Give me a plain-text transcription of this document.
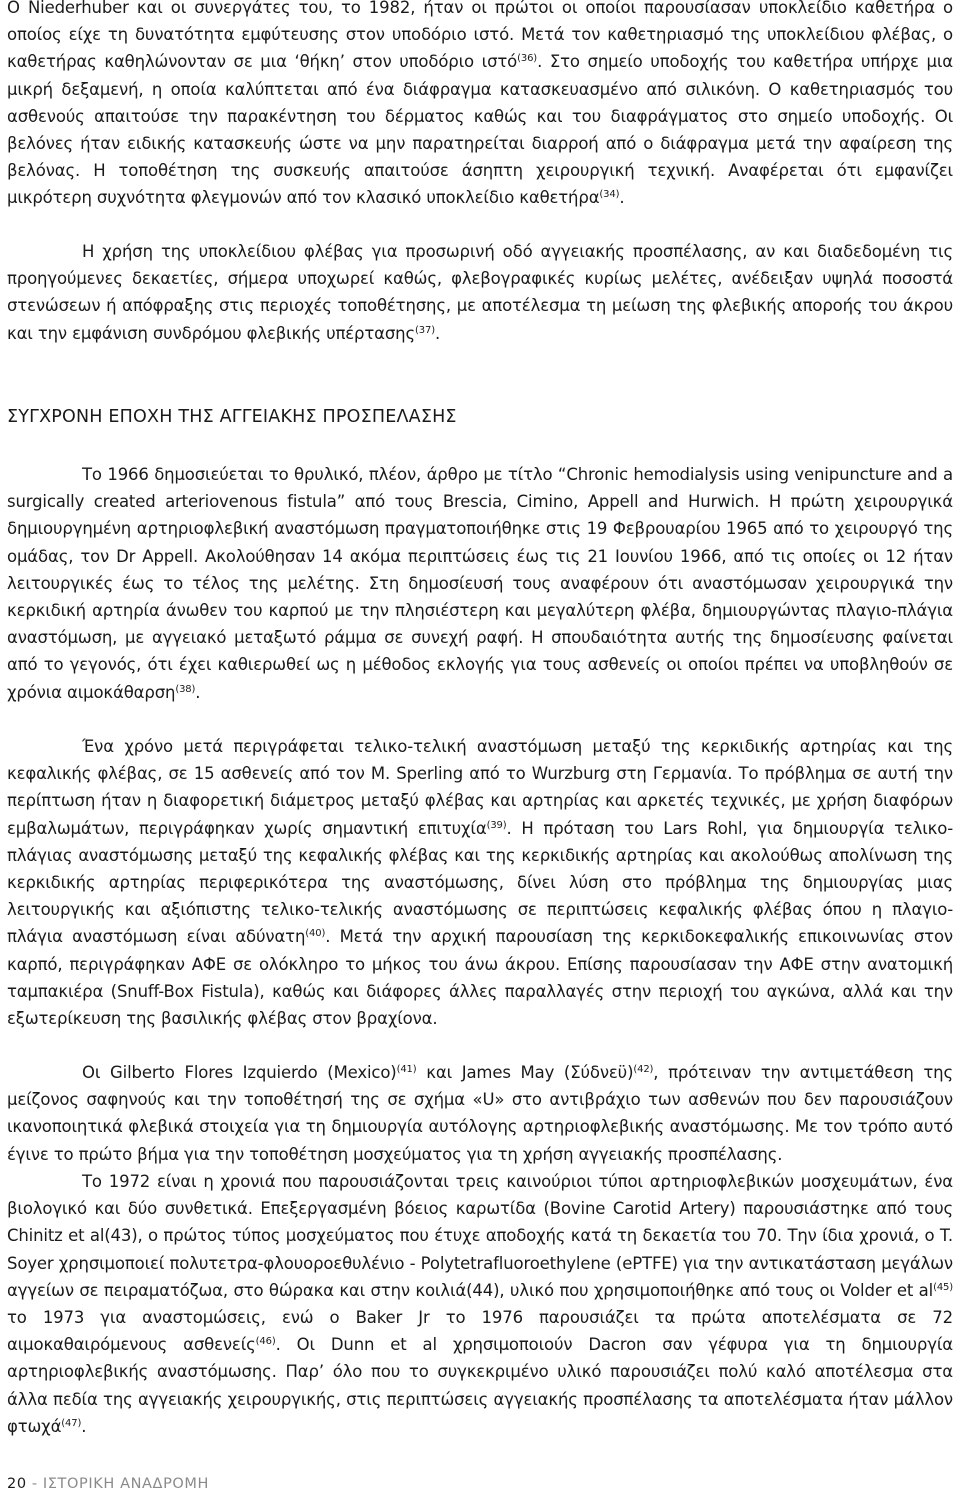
Ο Niederhuber και οι συνεργάτες του, το 1982, ήταν οι πρώτοι οι οποίοι παρουσίασαν υποκλείδιο καθετήρα ο οποίος είχε τη δυνατότητα εμφύτευσης στον υποδόριο ιστό. Μετά τον καθετηριασμό της υποκλείδιου φλέβας, ο καθετήρας καθηλώνονταν σε μια ‘θήκη’ στον υποδόριο ιστό$^{(36)}$. Στο σημείο υποδοχής του καθετήρα υπήρχε μια μικρή δεξαμενή, η οποία καλύπτεται από ένα διάφραγμα κατασκευασμένο από σιλικόνη. Ο καθετηριασμός του ασθενούς απαιτούσε την παρακέντηση του δέρματος καθώς και του διαφράγματος στο σημείο υποδοχής. Οι βελόνες ήταν ειδικής κατασκευής ώστε να μην παρατηρείται διαρροή από ο διάφραγμα μετά την αφαίρεση της βελόνας. Η τοποθέτηση της συσκευής απαιτούσε άσηπτη χειρουργική τεχνική. Αναφέρεται ότι εμφανίζει μικρότερη συχνότητα φλεγμονών από τον κλασικό υποκλείδιο καθετήρα$^{(34)}$.

Η χρήση της υποκλείδιου φλέβας για προσωρινή οδό αγγειακής προσπέλασης, αν και διαδεδομένη τις προηγούμενες δεκαετίες, σήμερα υποχωρεί καθώς, φλεβογραφικές κυρίως μελέτες, ανέδειξαν υψηλά ποσοστά στενώσεων ή απόφραξης στις περιοχές τοποθέτησης, με αποτέλεσμα τη μείωση της φλεβικής αποροής του άκρου και την εμφάνιση συνδρόμου φλεβικής υπέρτασης$^{(37)}$.

ΣΥΓΧΡΟΝΗ ΕΠΟΧΗ ΤΗΣ ΑΓΓΕΙΑΚΗΣ ΠΡΟΣΠΕΛΑΣΗΣ

Το 1966 δημοσιεύεται το θρυλικό, πλέον, άρθρο με τίτλο “Chronic hemodialysis using venipuncture and a surgically created arteriovenous fistula” από τους Brescia, Cimino, Appell and Hurwich. Η πρώτη χειρουργικά δημιουργημένη αρτηριοφλεβική αναστόμωση πραγματοποιήθηκε στις 19 Φεβρουαρίου 1965 από το χειρουργό της ομάδας, τον Dr Appell. Ακολούθησαν 14 ακόμα περιπτώσεις έως τις 21 Ιουνίου 1966, από τις οποίες οι 12 ήταν λειτουργικές έως το τέλος της μελέτης. Στη δημοσίευσή τους αναφέρουν ότι αναστόμωσαν χειρουργικά την κερκιδική αρτηρία άνωθεν του καρπού με την πλησιέστερη και μεγαλύτερη φλέβα, δημιουργώντας πλαγιο-πλάγια αναστόμωση, με αγγειακό μεταξωτό ράμμα σε συνεχή ραφή. Η σπουδαιότητα αυτής της δημοσίευσης φαίνεται από το γεγονός, ότι έχει καθιερωθεί ως η μέθοδος εκλογής για τους ασθενείς οι οποίοι πρέπει να υποβληθούν σε χρόνια αιμοκάθαρση$^{(38)}$.

Ένα χρόνο μετά περιγράφεται τελικο-τελική αναστόμωση μεταξύ της κερκιδικής αρτηρίας και της κεφαλικής φλέβας, σε 15 ασθενείς από τον M. Sperling από το Wurzburg στη Γερμανία. Το πρόβλημα σε αυτή την περίπτωση ήταν η διαφορετική διάμετρος μεταξύ φλέβας και αρτηρίας και αρκετές τεχνικές, με χρήση διαφόρων εμβαλωμάτων, περιγράφηκαν χωρίς σημαντική επιτυχία$^{(39)}$. Η πρόταση του Lars Rohl, για δημιουργία τελικο-πλάγιας αναστόμωσης μεταξύ της κεφαλικής φλέβας και της κερκιδικής αρτηρίας και ακολούθως απολίνωση της κερκιδικής αρτηρίας περιφερικότερα της αναστόμωσης, δίνει λύση στο πρόβλημα της δημιουργίας μιας λειτουργικής και αξιόπιστης τελικο-τελικής αναστόμωσης σε περιπτώσεις κεφαλικής φλέβας όπου η πλαγιο-πλάγια αναστόμωση είναι αδύνατη$^{(40)}$. Μετά την αρχική παρουσίαση της κερκιδοκεφαλικής επικοινωνίας στον καρπό, περιγράφηκαν ΑΦΕ σε ολόκληρο το μήκος του άνω άκρου. Επίσης παρουσίασαν την ΑΦΕ στην ανατομική ταμπακιέρα (Snuff-Box Fistula), καθώς και διάφορες άλλες παραλλαγές στην περιοχή του αγκώνα, αλλά και την εξωτερίκευση της βασιλικής φλέβας στον βραχίονα.

Οι Gilberto Flores Izquierdo (Mexico)$^{(41)}$ και James May $(\Sigma ύ\delta\nu\varepsilon ϋ)^{(42)}$, πρότειναν την αντιμετάθεση της μείζονος σαφηνούς και την τοποθέτησή της σε σχήμα «U» στο αντιβράχιο των ασθενών που δεν παρουσιάζουν ικανοποιητικά φλεβικά στοιχεία για τη δημιουργία αυτόλογης αρτηριοφλεβικής αναστόμωσης. Με τον τρόπο αυτό έγινε το πρώτο βήμα για την τοποθέτηση μοσχεύματος για τη χρήση αγγειακής προσπέλασης.

Το 1972 είναι η χρονιά που παρουσιάζονται τρεις καινούριοι τύποι αρτηριοφλεβικών μοσχευμάτων, ένα βιολογικό και δύο συνθετικά. Επεξεργασμένη βόειος καρωτίδα (Bovine Carotid Artery) παρουσιάστηκε από τους Chinitz et al(43), ο πρώτος τύπος μοσχεύματος που έτυχε αποδοχής κατά τη δεκαετία του 70. Την ίδια χρονιά, ο T. Soyer χρησιμοποιεί πολυτετρα-φλουοροεθυλένιο - Polytetrafluoroethylene (ePTFE) για την αντικατάσταση μεγάλων αγγείων σε πειραματόζωα, στο θώρακα και στην κοιλιά(44), υλικό που χρησιμοποιήθηκε από τους οι Volder et $al^{(45)}$ το 1973 για αναστομώσεις, ενώ ο Baker Jr το 1976 παρουσιάζει τα πρώτα αποτελέσματα σε 72 αιμοκαθαιρόμενους ασθενείς$^{(46)}$. Οι Dunn et al χρησιμοποιούν Dacron σαν γέφυρα για τη δημιουργία αρτηριοφλεβικής αναστόμωσης. Παρ’ όλο που το συγκεκριμένο υλικό παρουσιάζει πολύ καλό αποτέλεσμα στα άλλα πεδία της αγγειακής χειρουργικής, στις περιπτώσεις αγγειακής προσπέλασης τα αποτελέσματα ήταν μάλλον φτωχά$^{(47)}$.

20 - ΙΣΤΟΡΙΚΗ ΑΝΑΔΡΟΜΗ
